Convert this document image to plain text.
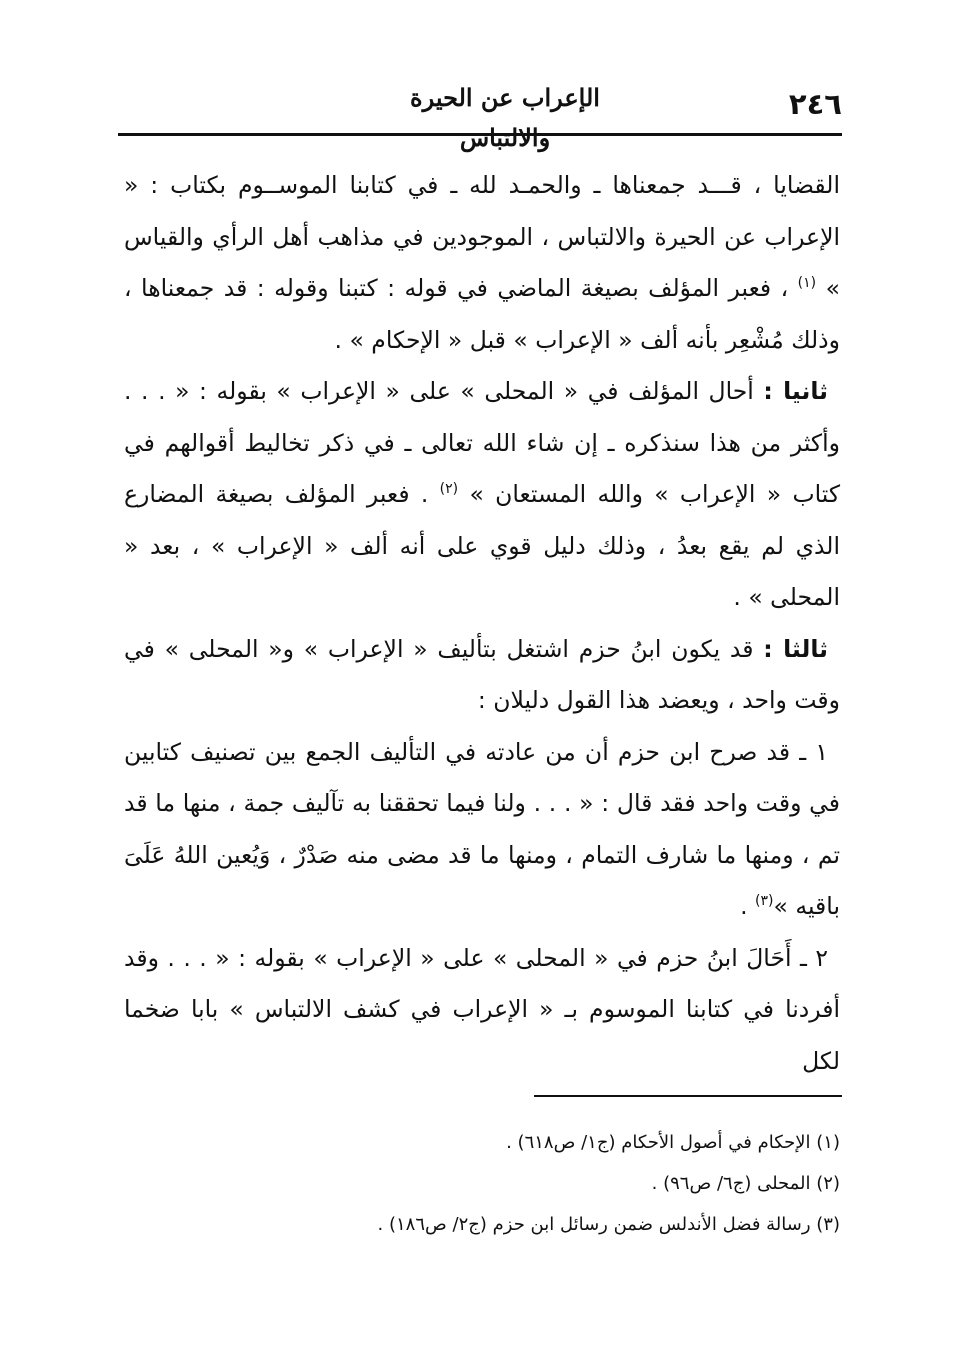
٢٤٦
الإعراب عن الحيرة والالتباس

القضايا ، قـــد جمعناها ـ والحمـد لله ـ في كتابنا الموســوم بكتاب : « الإعراب عن الحيرة والالتباس ، الموجودين في مذاهب أهل الرأي والقياس » $^{(١)}$ ، فعبر المؤلف بصيغة الماضي في قوله : كتبنا وقوله : قد جمعناها ، وذلك مُشْعِر بأنه ألف « الإعراب » قبل « الإحكام » .

ثانيا : أحال المؤلف في « المحلى » على « الإعراب » بقوله : « . . . وأكثر من هذا سنذكره ـ إن شاء الله تعالى ـ في ذكر تخاليط أقوالهم في كتاب « الإعراب » والله المستعان » $^{(٢)}$ . فعبر المؤلف بصيغة المضارع الذي لم يقع بعدُ ، وذلك دليل قوي على أنه ألف « الإعراب » ، بعد « المحلى » .

ثالثا : قد يكون ابنُ حزم اشتغل بتأليف « الإعراب » و« المحلى » في وقت واحد ، ويعضد هذا القول دليلان :

١ ـ قد صرح ابن حزم أن من عادته في التأليف الجمع بين تصنيف كتابين في وقت واحد فقد قال : « . . . ولنا فيما تحققنا به تآليف جمة ، منها ما قد تم ، ومنها ما شارف التمام ، ومنها ما قد مضى منه صَدْرٌ ، وَيُعين اللهُ عَلَىَ باقيه »$^{(٣)}$ .

٢ ـ أَحَالَ ابنُ حزم في « المحلى » على « الإعراب » بقوله : « . . . وقد أفردنا في كتابنا الموسوم بـ « الإعراب في كشف الالتباس » بابا ضخما لكل

(١) الإحكام في أصول الأحكام (ج١/ ص٦١٨) .

(٢) المحلى (ج٦/ ص٩٦) .

(٣) رسالة فضل الأندلس ضمن رسائل ابن حزم (ج٢/ ص١٨٦) .
